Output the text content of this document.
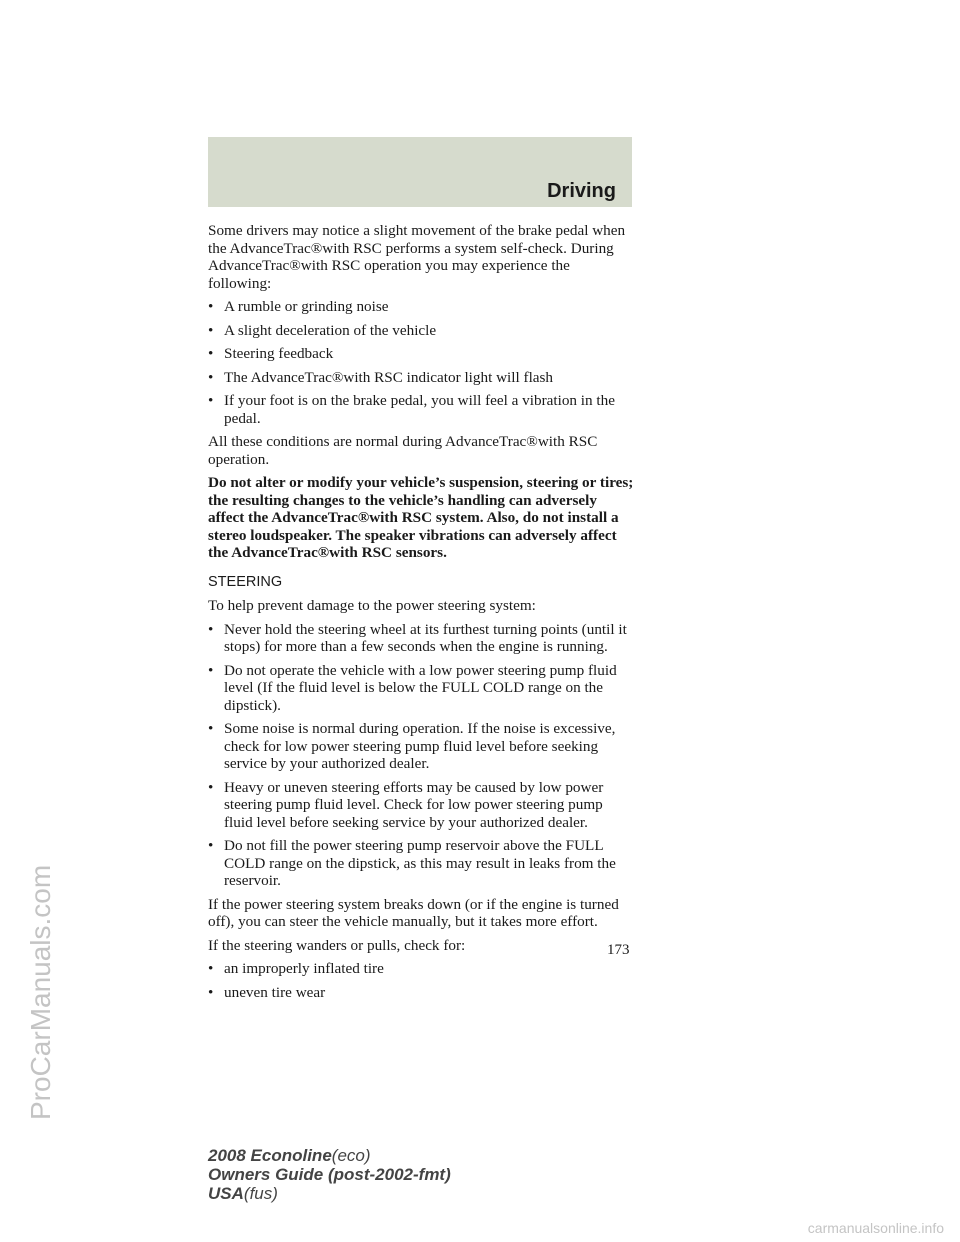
Driving

Some drivers may notice a slight movement of the brake pedal when the AdvanceTrac®with RSC performs a system self-check. During AdvanceTrac®with RSC operation you may experience the following:

• A rumble or grinding noise
• A slight deceleration of the vehicle
• Steering feedback
• The AdvanceTrac®with RSC indicator light will flash
• If your foot is on the brake pedal, you will feel a vibration in the pedal.

All these conditions are normal during AdvanceTrac®with RSC operation.

Do not alter or modify your vehicle’s suspension, steering or tires; the resulting changes to the vehicle’s handling can adversely affect the AdvanceTrac®with RSC system. Also, do not install a stereo loudspeaker. The speaker vibrations can adversely affect the AdvanceTrac®with RSC sensors.

STEERING

To help prevent damage to the power steering system:

• Never hold the steering wheel at its furthest turning points (until it stops) for more than a few seconds when the engine is running.
• Do not operate the vehicle with a low power steering pump fluid level (If the fluid level is below the FULL COLD range on the dipstick).
• Some noise is normal during operation. If the noise is excessive, check for low power steering pump fluid level before seeking service by your authorized dealer.
• Heavy or uneven steering efforts may be caused by low power steering pump fluid level. Check for low power steering pump fluid level before seeking service by your authorized dealer.
• Do not fill the power steering pump reservoir above the FULL COLD range on the dipstick, as this may result in leaks from the reservoir.

If the power steering system breaks down (or if the engine is turned off), you can steer the vehicle manually, but it takes more effort.

If the steering wanders or pulls, check for:

• an improperly inflated tire
• uneven tire wear
173
2008 Econoline(eco)
Owners Guide (post-2002-fmt)
USA(fus)
ProCarManuals.com
carmanualsonline.info
